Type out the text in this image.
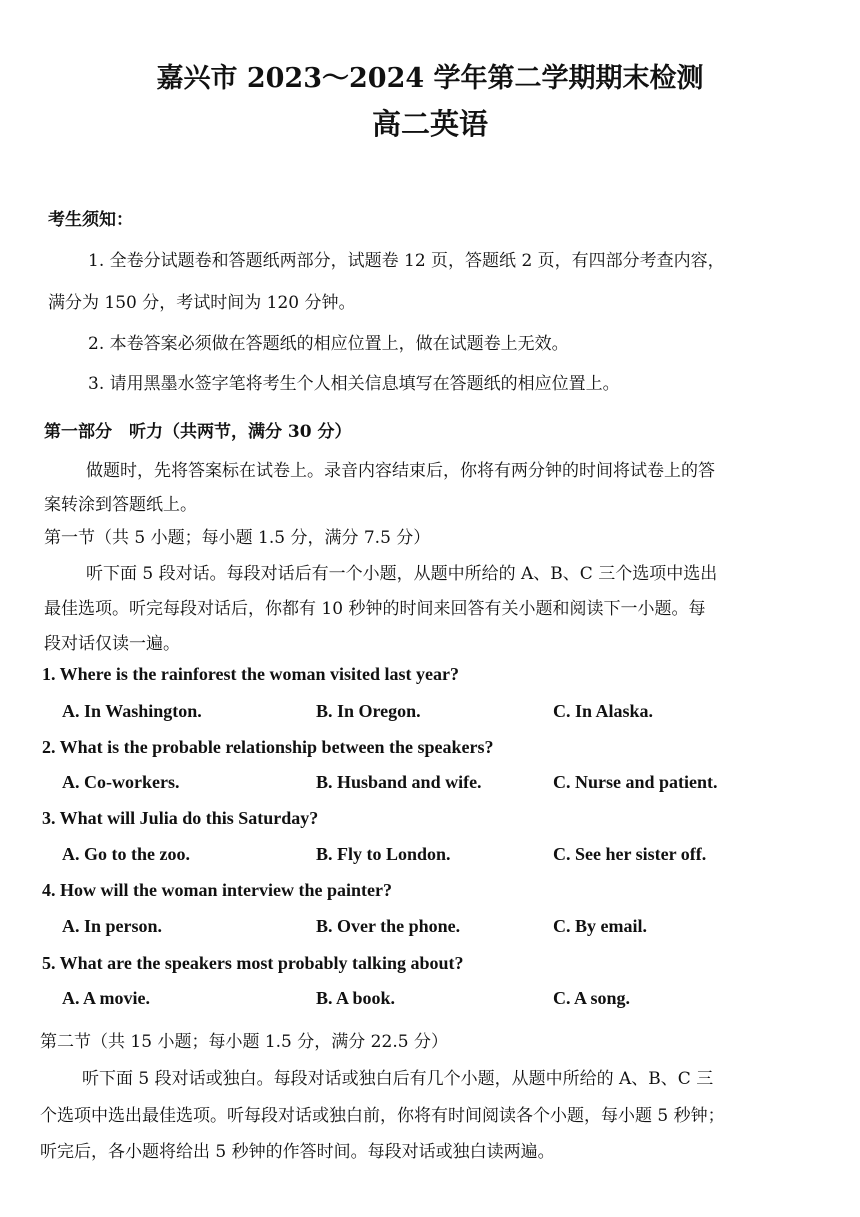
嘉兴市 2023～2024 学年第二学期期末检测
高二英语
考生须知：
1. 全卷分试题卷和答题纸两部分，试题卷 12 页，答题纸 2 页，有四部分考查内容，
满分为 150 分，考试时间为 120 分钟。
2. 本卷答案必须做在答题纸的相应位置上，做在试题卷上无效。
3. 请用黑墨水签字笔将考生个人相关信息填写在答题纸的相应位置上。
第一部分　听力（共两节，满分 30 分）
做题时，先将答案标在试卷上。录音内容结束后，你将有两分钟的时间将试卷上的答
案转涂到答题纸上。
第一节（共 5 小题；每小题 1.5 分，满分 7.5 分）
听下面 5 段对话。每段对话后有一个小题，从题中所给的 A、B、C 三个选项中选出
最佳选项。听完每段对话后，你都有 10 秒钟的时间来回答有关小题和阅读下一小题。每
段对话仅读一遍。
1. Where is the rainforest the woman visited last year?
A. In Washington.	B. In Oregon.	C. In Alaska.
2. What is the probable relationship between the speakers?
A. Co-workers.	B. Husband and wife.	C. Nurse and patient.
3. What will Julia do this Saturday?
A. Go to the zoo.	B. Fly to London.	C. See her sister off.
4. How will the woman interview the painter?
A. In person.	B. Over the phone.	C. By email.
5. What are the speakers most probably talking about?
A. A movie.	B. A book.	C. A song.
第二节（共 15 小题；每小题 1.5 分，满分 22.5 分）
听下面 5 段对话或独白。每段对话或独白后有几个小题，从题中所给的 A、B、C 三
个选项中选出最佳选项。听每段对话或独白前，你将有时间阅读各个小题，每小题 5 秒钟；
听完后，各小题将给出 5 秒钟的作答时间。每段对话或独白读两遍。
